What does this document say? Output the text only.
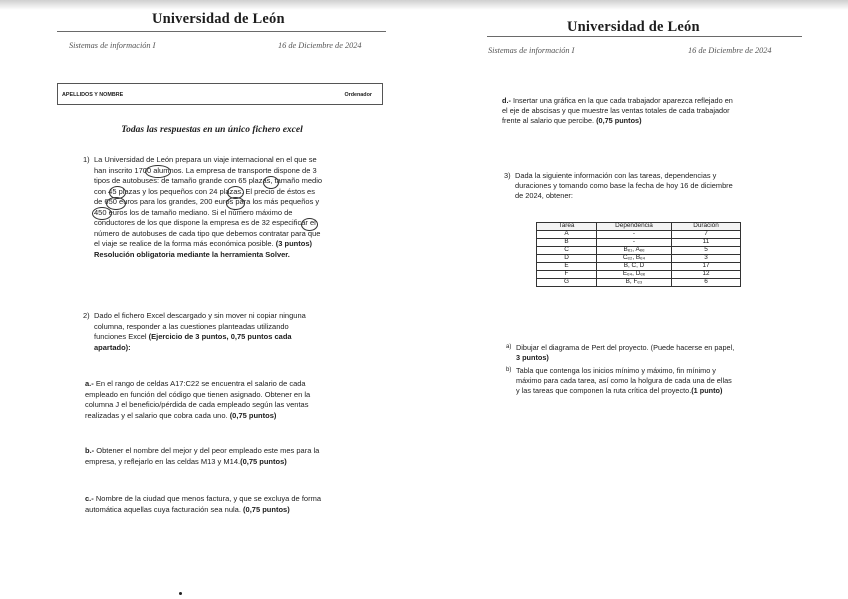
Universidad de León
Sistemas de información I	16 de Diciembre de 2024
APELLIDOS Y NOMBRE	Ordenador
Todas las respuestas en un único fichero excel
1) La Universidad de León prepara un viaje internacional en el que se
han inscrito 1700 alumnos. La empresa de transporte dispone de 3
tipos de autobuses: de tamaño grande con 65 plazas, tamaño medio
con 45 plazas y los pequeños con 24 plazas. El precio de éstos es
de 650 euros para los grandes, 200 euros para los más pequeños y
450 euros los de tamaño mediano. Si el número máximo de
conductores de los que dispone la empresa es de 32 especificar el
número de autobuses de cada tipo que debemos contratar para que
el viaje se realice de la forma más económica posible. (3 puntos)
Resolución obligatoria mediante la herramienta Solver.
2) Dado el fichero Excel descargado y sin mover ni copiar ninguna
columna, responder a las cuestiones planteadas utilizando
funciones Excel (Ejercicio de 3 puntos, 0,75 puntos cada
apartado):
a.- En el rango de celdas A17:C22 se encuentra el salario de cada
empleado en función del código que tienen asignado. Obtener en la
columna J el beneficio/pérdida de cada empleado según las ventas
realizadas y el salario que cobra cada uno. (0,75 puntos)
b.- Obtener el nombre del mejor y del peor empleado este mes para la
empresa, y reflejarlo en las celdas M13 y M14.(0,75 puntos)
c.- Nombre de la ciudad que menos factura, y que se excluya de forma
automática aquellas cuya facturación sea nula. (0,75 puntos)
Universidad de León
Sistemas de información I	16 de Diciembre de 2024
d.- Insertar una gráfica en la que cada trabajador aparezca reflejado en
el eje de abscisas y que muestre las ventas totales de cada trabajador
frente al salario que percibe. (0,75 puntos)
3) Dada la siguiente información con las tareas, dependencias y
duraciones y tomando como base la fecha de hoy 16 de diciembre
de 2024, obtener:
Tarea	Dependencia	Duración
A	-	7
B	-	11
C	Bₑ₁, Aₑₑ	5
D	Cₑ₂, Bₑ₄	3
E	B, C, D	17
F	Eₑ₄, Dₑₑ	12
G	B, Fₑ₃	6
a) Dibujar el diagrama de Pert del proyecto. (Puede hacerse en papel,
3 puntos)
b) Tabla que contenga los inicios mínimo y máximo, fin mínimo y
máximo para cada tarea, así como la holgura de cada una de ellas
y las tareas que componen la ruta crítica del proyecto.(1 punto)
